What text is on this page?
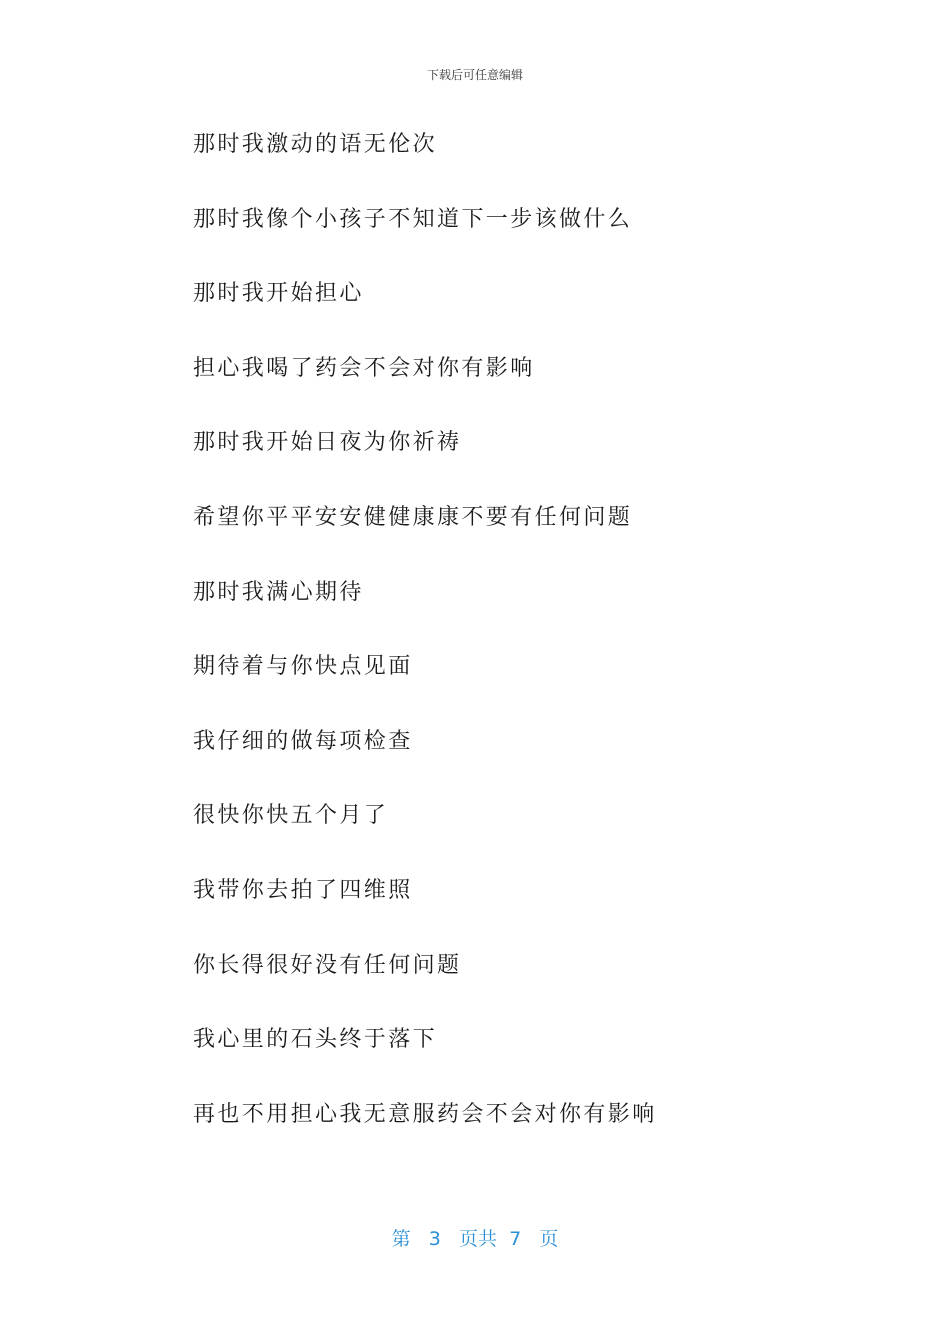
下载后可任意编辑
那时我激动的语无伦次
那时我像个小孩子不知道下一步该做什么
那时我开始担心
担心我喝了药会不会对你有影响
那时我开始日夜为你祈祷
希望你平平安安健健康康不要有任何问题
那时我满心期待
期待着与你快点见面
我仔细的做每项检查
很快你快五个月了
我带你去拍了四维照
你长得很好没有任何问题
我心里的石头终于落下
再也不用担心我无意服药会不会对你有影响
第 3 页共 7 页
